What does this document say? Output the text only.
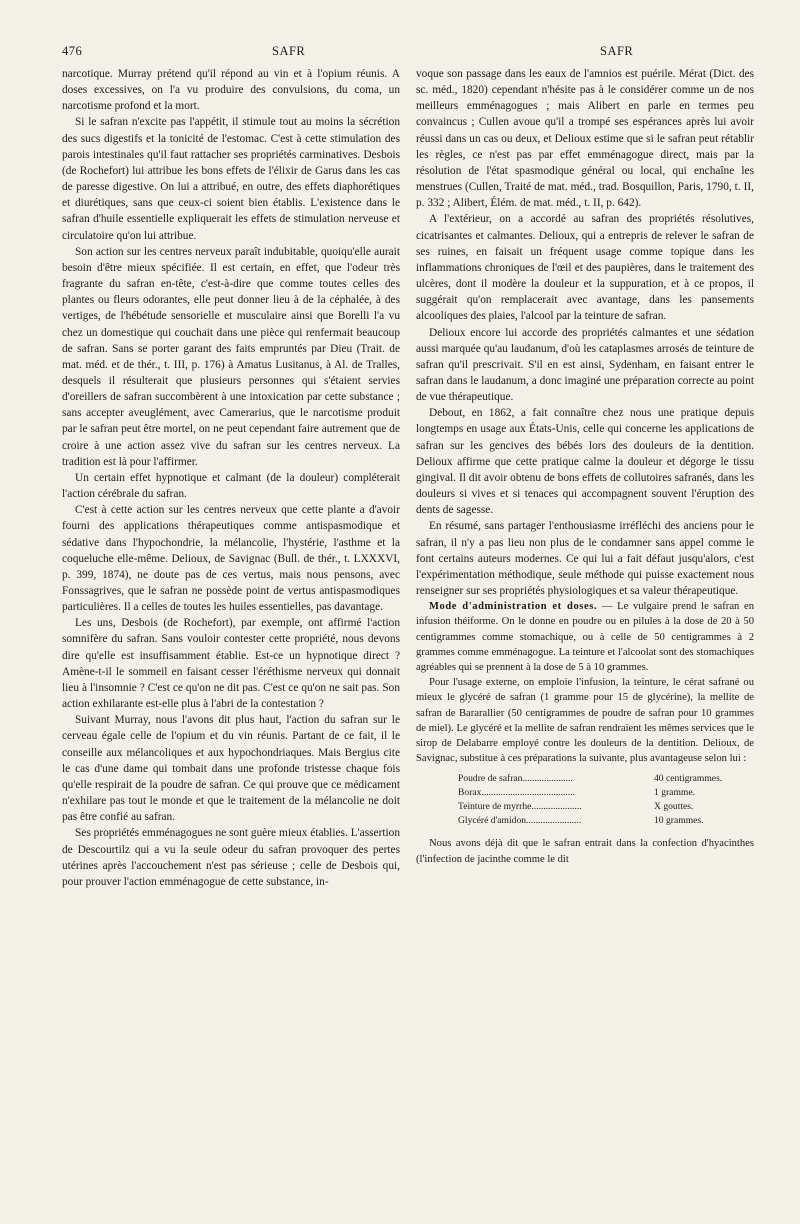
476	SAFR	SAFR

narcotique. Murray prétend qu'il répond au vin et à l'opium réunis. A doses excessives, on l'a vu produire des convulsions, du coma, un narcotisme profond et la mort.

Si le safran n'excite pas l'appétit, il stimule tout au moins la sécrétion des sucs digestifs et la tonicité de l'estomac. C'est à cette stimulation des parois intestinales qu'il faut rattacher ses propriétés carminatives. Desbois (de Rochefort) lui attribue les bons effets de l'élixir de Garus dans les cas de paresse digestive. On lui a attribué, en outre, des effets diaphorétiques et diurétiques, sans que ceux-ci soient bien établis. L'existence dans le safran d'huile essentielle expliquerait les effets de stimulation nerveuse et circulatoire qu'on lui attribue.

Son action sur les centres nerveux paraît indubitable, quoiqu'elle aurait besoin d'être mieux spécifiée. Il est certain, en effet, que l'odeur très fragrante du safran en-tête, c'est-à-dire que comme toutes celles des plantes ou fleurs odorantes, elle peut donner lieu à de la céphalée, à des vertiges, de l'hébétude sensorielle et musculaire ainsi que Borelli l'a vu chez un domestique qui couchait dans une pièce qui renfermait beaucoup de safran. Sans se porter garant des faits empruntés par Dieu (Trait. de mat. méd. et de thér., t. III, p. 176) à Amatus Lusitanus, à Al. de Tralles, desquels il résulterait que plusieurs personnes qui s'étaient servies d'oreillers de safran succombèrent à une intoxication par cette substance ; sans accepter aveuglément, avec Camerarius, que le narcotisme produit par le safran peut être mortel, on ne peut cependant faire autrement que de croire à une action assez vive du safran sur les centres nerveux. La tradition est là pour l'affirmer.

Un certain effet hypnotique et calmant (de la douleur) compléterait l'action cérébrale du safran.

C'est à cette action sur les centres nerveux que cette plante a d'avoir fourni des applications thérapeutiques comme antispasmodique et sédative dans l'hypochondrie, la mélancolie, l'hystérie, l'asthme et la coqueluche elle-même. Delioux, de Savignac (Bull. de thér., t. LXXXVI, p. 399, 1874), ne doute pas de ces vertus, mais nous pensons, avec Fonssagrives, que le safran ne possède point de vertus antispasmodiques particulières. Il a celles de toutes les huiles essentielles, pas davantage.

Les uns, Desbois (de Rochefort), par exemple, ont affirmé l'action somnifère du safran. Sans vouloir contester cette propriété, nous devons dire qu'elle est insuffisamment établie. Est-ce un hypnotique direct ? Amène-t-il le sommeil en faisant cesser l'éréthisme nerveux qui donnait lieu à l'insomnie ? C'est ce qu'on ne dit pas. C'est ce qu'on ne sait pas. Son action exhilarante est-elle plus à l'abri de la contestation ?

Suivant Murray, nous l'avons dit plus haut, l'action du safran sur le cerveau égale celle de l'opium et du vin réunis. Partant de ce fait, il le conseille aux mélancoliques et aux hypochondriaques. Mais Bergius cite le cas d'une dame qui tombait dans une profonde tristesse chaque fois qu'elle respirait de la poudre de safran. Ce qui prouve que ce médicament n'exhilare pas tout le monde et que le traitement de la mélancolie ne doit pas être confié au safran.

Ses propriétés emménagogues ne sont guère mieux établies. L'assertion de Descourtilz qui a vu la seule odeur du safran provoquer des pertes utérines après l'accouchement n'est pas sérieuse ; celle de Desbois qui, pour prouver l'action emménagogue de cette substance, in-

voque son passage dans les eaux de l'amnios est puérile. Mérat (Dict. des sc. méd., 1820) cependant n'hésite pas à le considérer comme un de nos meilleurs emménagogues ; mais Alibert en parle en termes peu convaincus ; Cullen avoue qu'il a trompé ses espérances après lui avoir réussi dans un cas ou deux, et Delioux estime que si le safran peut rétablir les règles, ce n'est pas par effet emménagogue direct, mais par la résolution de l'état spasmodique général ou local, qui enchaîne les menstrues (Cullen, Traité de mat. méd., trad. Bosquillon, Paris, 1790, t. II, p. 332 ; Alibert, Élém. de mat. méd., t. II, p. 642).

A l'extérieur, on a accordé au safran des propriétés résolutives, cicatrisantes et calmantes. Delioux, qui a entrepris de relever le safran de ses ruines, en faisait un fréquent usage comme topique dans les inflammations chroniques de l'œil et des paupières, dans le traitement des ulcères, dont il modère la douleur et la suppuration, et à ce propos, il suggérait qu'on remplacerait avec avantage, dans les pansements alcooliques des plaies, l'alcool par la teinture de safran.

Delioux encore lui accorde des propriétés calmantes et une sédation aussi marquée qu'au laudanum, d'où les cataplasmes arrosés de teinture de safran qu'il prescrivait. S'il en est ainsi, Sydenham, en faisant entrer le safran dans le laudanum, a donc imaginé une préparation correcte au point de vue thérapeutique.

Debout, en 1862, a fait connaître chez nous une pratique depuis longtemps en usage aux États-Unis, celle qui concerne les applications de safran sur les gencives des bébés lors des douleurs de la dentition. Delioux affirme que cette pratique calme la douleur et dégorge le tissu gingival. Il dit avoir obtenu de bons effets de collutoires safranés, dans les douleurs si vives et si tenaces qui accompagnent souvent l'éruption des dents de sagesse.

En résumé, sans partager l'enthousiasme irréfléchi des anciens pour le safran, il n'y a pas lieu non plus de le condamner sans appel comme le font certains auteurs modernes. Ce qui lui a fait défaut jusqu'alors, c'est l'expérimentation méthodique, seule méthode qui puisse exactement nous renseigner sur ses propriétés physiologiques et sa valeur thérapeutique.

Mode d'administration et doses. — Le vulgaire prend le safran en infusion théiforme. On le donne en poudre ou en pilules à la dose de 20 à 50 centigrammes comme stomachique, ou à celle de 50 centigrammes à 2 grammes comme emménagogue. La teinture et l'alcoolat sont des stomachiques agréables qui se prennent à la dose de 5 à 10 grammes.

Pour l'usage externe, on emploie l'infusion, la teinture, le cérat safrané ou mieux le glycéré de safran (1 gramme pour 15 de glycérine), la mellite de safran de Bararallier (50 centigrammes de poudre de safran pour 10 grammes de miel). Le glycéré et la mellite de safran rendraient les mêmes services que le sirop de Delabarre employé contre les douleurs de la dentition. Delioux, de Savignac, substitue à ces préparations la suivante, plus avantageuse selon lui :

Poudre de safran.....................	40 centigrammes.
Borax.......................................	1 gramme.
Teinture de myrrhe.....................	X gouttes.
Glycéré d'amidon.......................	10 grammes.

Nous avons déjà dit que le safran entrait dans la confection d'hyacinthes (l'infection de jacinthe comme le dit
